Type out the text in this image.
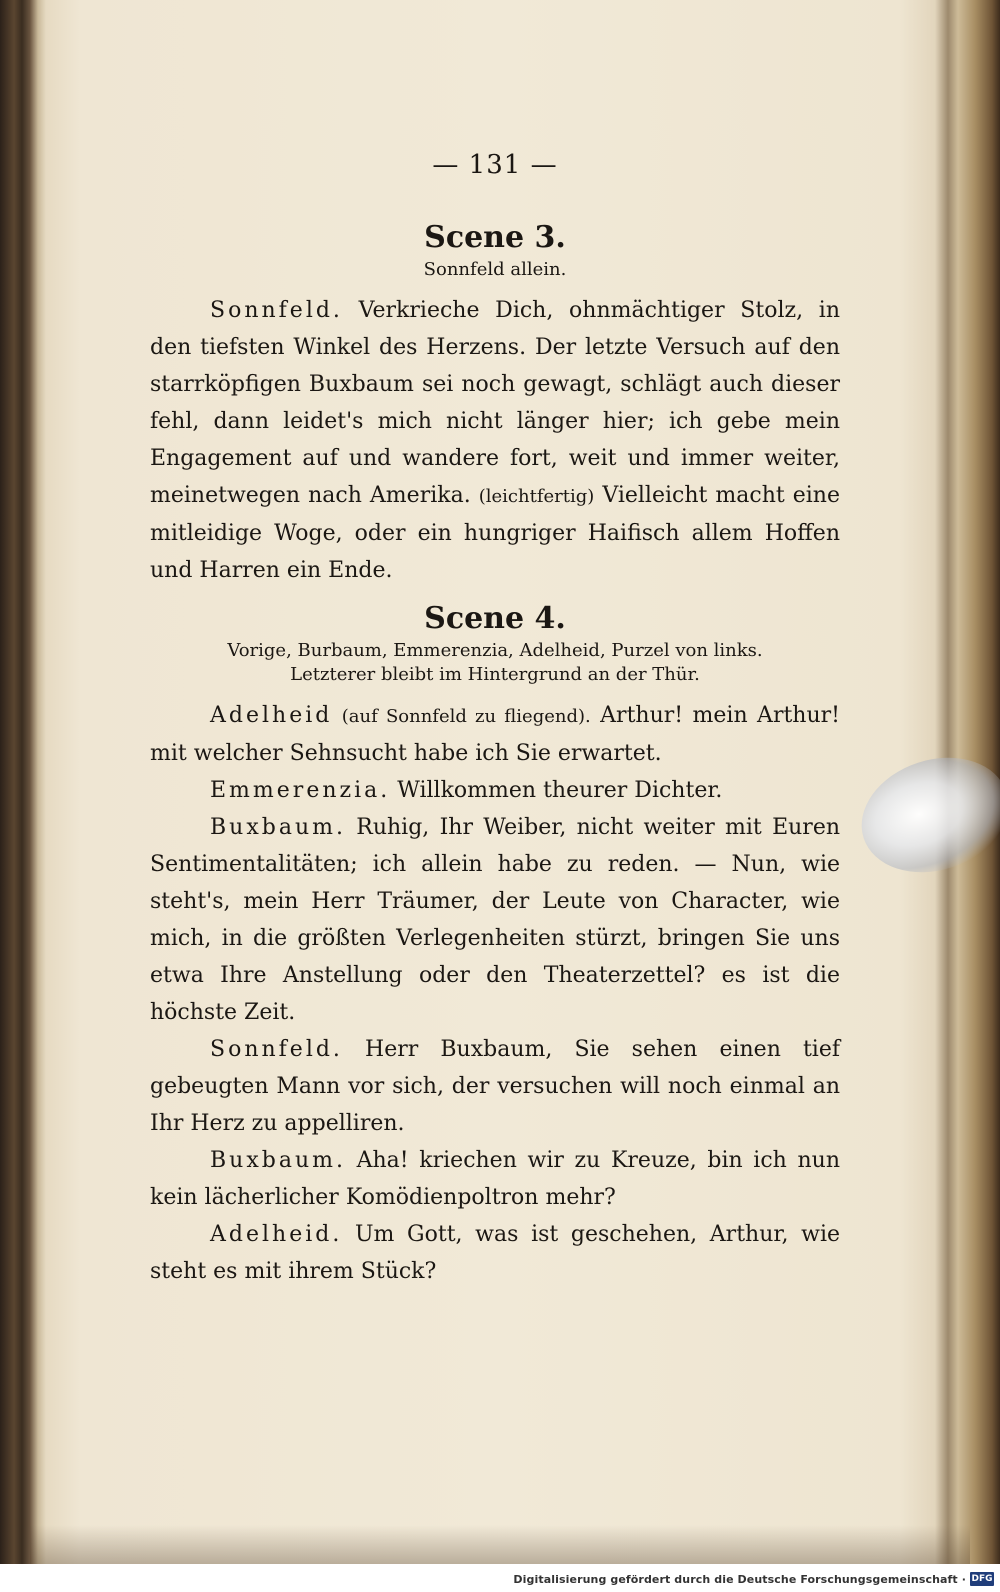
— 131 —
Scene 3.
Sonnfeld allein.

Sonnfeld. Verkrieche Dich, ohnmächtiger Stolz, in den tiefsten Winkel des Herzens. Der letzte Versuch auf den starrköpfigen Buxbaum sei noch gewagt, schlägt auch dieser fehl, dann leidet's mich nicht länger hier; ich gebe mein Engagement auf und wandere fort, weit und immer weiter, meinetwegen nach Amerika. (leichtfertig) Vielleicht macht eine mitleidige Woge, oder ein hungriger Haifisch allem Hoffen und Harren ein Ende.

Scene 4.
Vorige, Burbaum, Emmerenzia, Adelheid, Purzel von links.
Letzterer bleibt im Hintergrund an der Thür.

Adelheid (auf Sonnfeld zu fliegend). Arthur! mein Arthur! mit welcher Sehnsucht habe ich Sie erwartet.

Emmerenzia. Willkommen theurer Dichter.

Buxbaum. Ruhig, Ihr Weiber, nicht weiter mit Euren Sentimentalitäten; ich allein habe zu reden. — Nun, wie steht's, mein Herr Träumer, der Leute von Character, wie mich, in die größten Verlegenheiten stürzt, bringen Sie uns etwa Ihre Anstellung oder den Theaterzettel? es ist die höchste Zeit.

Sonnfeld. Herr Buxbaum, Sie sehen einen tief gebeugten Mann vor sich, der versuchen will noch einmal an Ihr Herz zu appelliren.

Buxbaum. Aha! kriechen wir zu Kreuze, bin ich nun kein lächerlicher Komödienpoltron mehr?

Adelheid. Um Gott, was ist geschehen, Arthur, wie steht es mit ihrem Stück?

Digitalisierung gefördert durch die Deutsche Forschungsgemeinschaft · DFG
